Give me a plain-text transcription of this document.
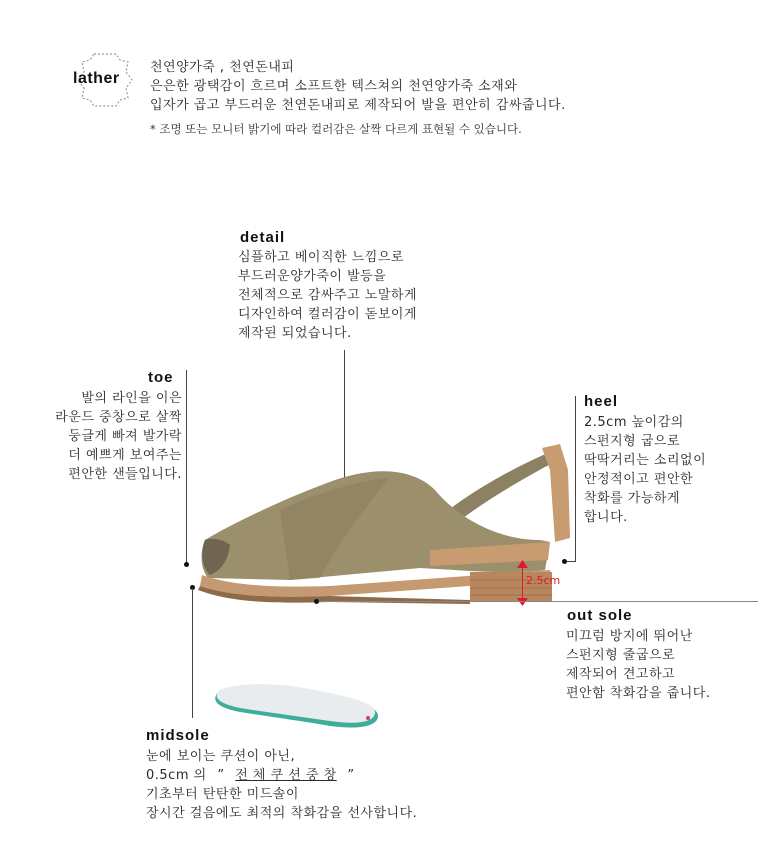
lather
천연양가죽 , 천연돈내피
은은한 광택감이 흐르며 소프트한 텍스쳐의 천연양가죽 소재와
입자가 곱고 부드러운 천연돈내피로 제작되어 발을 편안히 감싸줍니다.
* 조명 또는 모니터 밝기에 따라 컬러감은 살짝 다르게 표현될 수 있습니다.
detail
심플하고 베이직한 느낌으로
부드러운양가죽이 발등을
전체적으로 감싸주고 노말하게
디자인하여 컬러감이 돋보이게
제작된 되었습니다.
toe
발의 라인을 이은
라운드 중창으로 살짝
둥글게 빠져 발가락
더 예쁘게 보여주는
편안한 샌들입니다.
heel
2.5cm 높이감의
스펀지형 굽으로
딱딱거리는 소리없이
안정적이고 편안한
착화를 가능하게
합니다.
2.5cm
out sole
미끄럼 방지에 뛰어난
스펀지형 줄굽으로
제작되어 견고하고
편안함 착화감을 줍니다.
midsole
눈에 보이는 쿠션이 아닌,
0.5cm 의 ” 전 체 쿠 션 중 창 ”
기초부터 탄탄한 미드솔이
장시간 걸음에도 최적의 착화감을 선사합니다.
